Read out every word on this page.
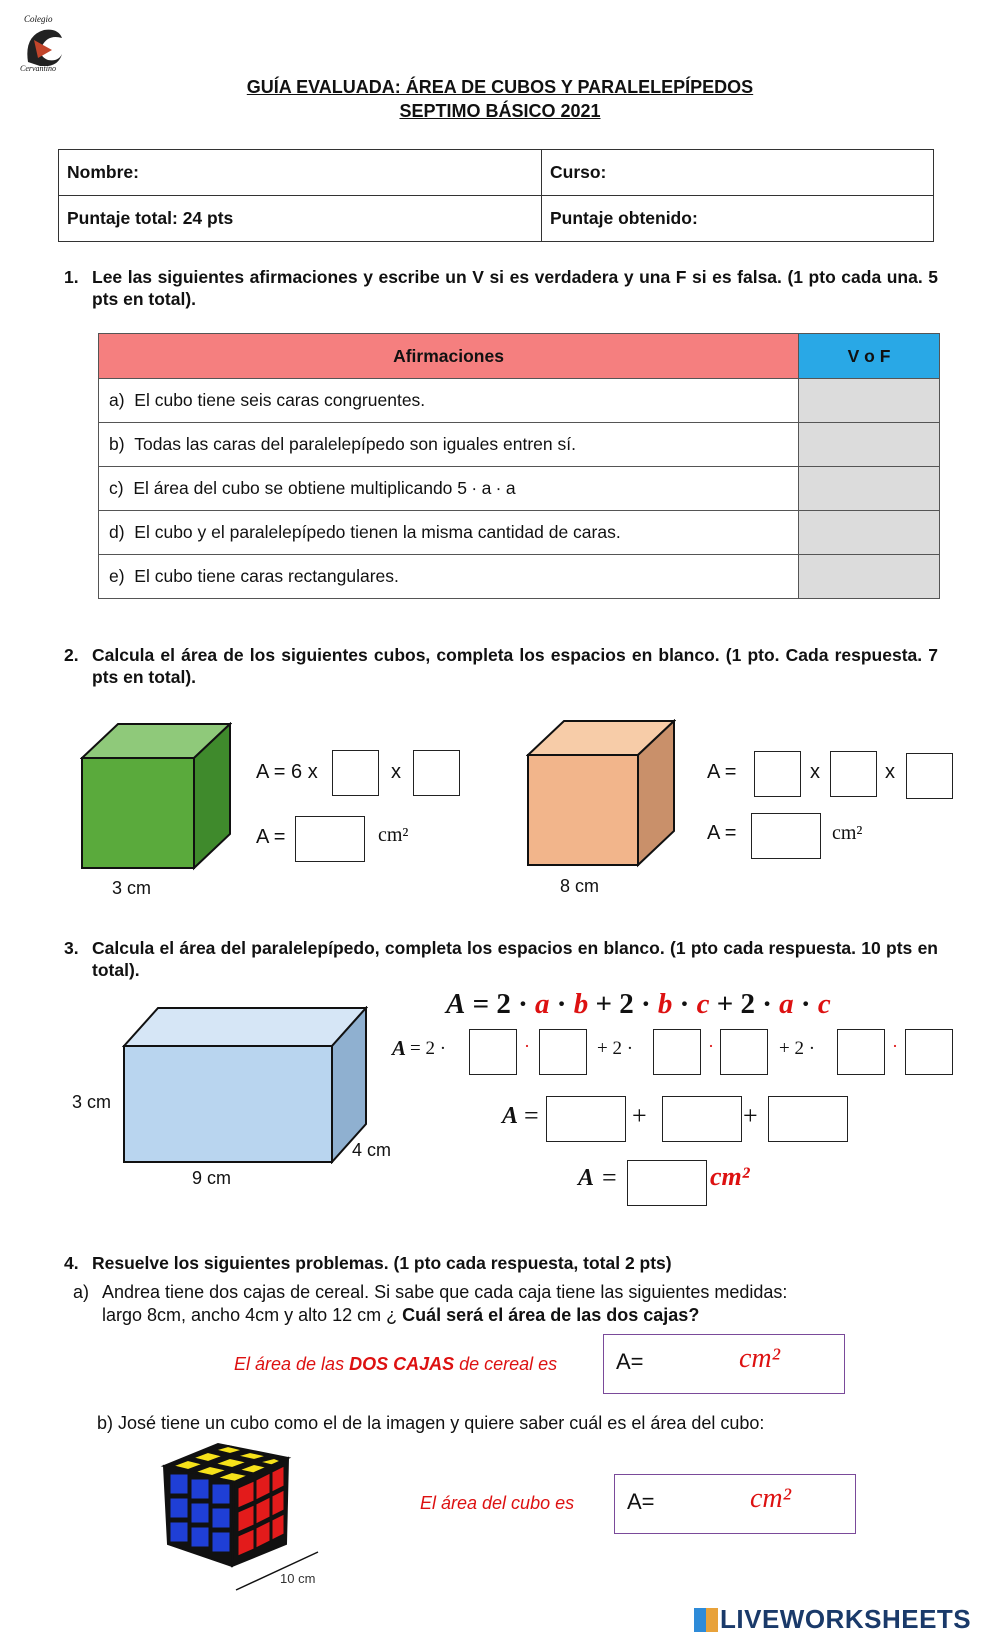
Colegio
Cervantino
GUÍA EVALUADA: ÁREA DE CUBOS Y PARALELEPÍPEDOS
SEPTIMO BÁSICO 2021
Nombre:	Curso:
Puntaje total: 24 pts	Puntaje obtenido:
1. Lee las siguientes afirmaciones y escribe un V si es verdadera y una F si es falsa. (1 pto cada una. 5 pts en total).
Afirmaciones	V o F
a) El cubo tiene seis caras congruentes.	
b) Todas las caras del paralelepípedo son iguales entren sí.	
c) El área del cubo se obtiene multiplicando 5 ∙ a ∙ a	
d) El cubo y el paralelepípedo tienen la misma cantidad de caras.	
e) El cubo tiene caras rectangulares.	
2. Calcula el área de los siguientes cubos, completa los espacios en blanco. (1 pto. Cada respuesta. 7 pts en total).
3 cm
A = 6 x	x
A =	cm²
8 cm
A =	x	x
A =	cm²
3. Calcula el área del paralelepípedo, completa los espacios en blanco. (1 pto cada respuesta. 10 pts en total).
3 cm
4 cm
9 cm
A = 2 · a · b + 2 · b · c + 2 · a · c
A = 2 ·	·	+ 2 ·	·	+ 2 ·	·
A =	+	+
A =	cm²
4. Resuelve los siguientes problemas. (1 pto cada respuesta, total 2 pts)
a) Andrea tiene dos cajas de cereal. Si sabe que cada caja tiene las siguientes medidas:
largo 8cm, ancho 4cm y alto 12 cm ¿ Cuál será el área de las dos cajas?
El área de las DOS CAJAS de cereal es	A=	cm²
b) José tiene un cubo como el de la imagen y quiere saber cuál es el área del cubo:
10 cm
El área del cubo es A=	cm²
LIVEWORKSHEETS
